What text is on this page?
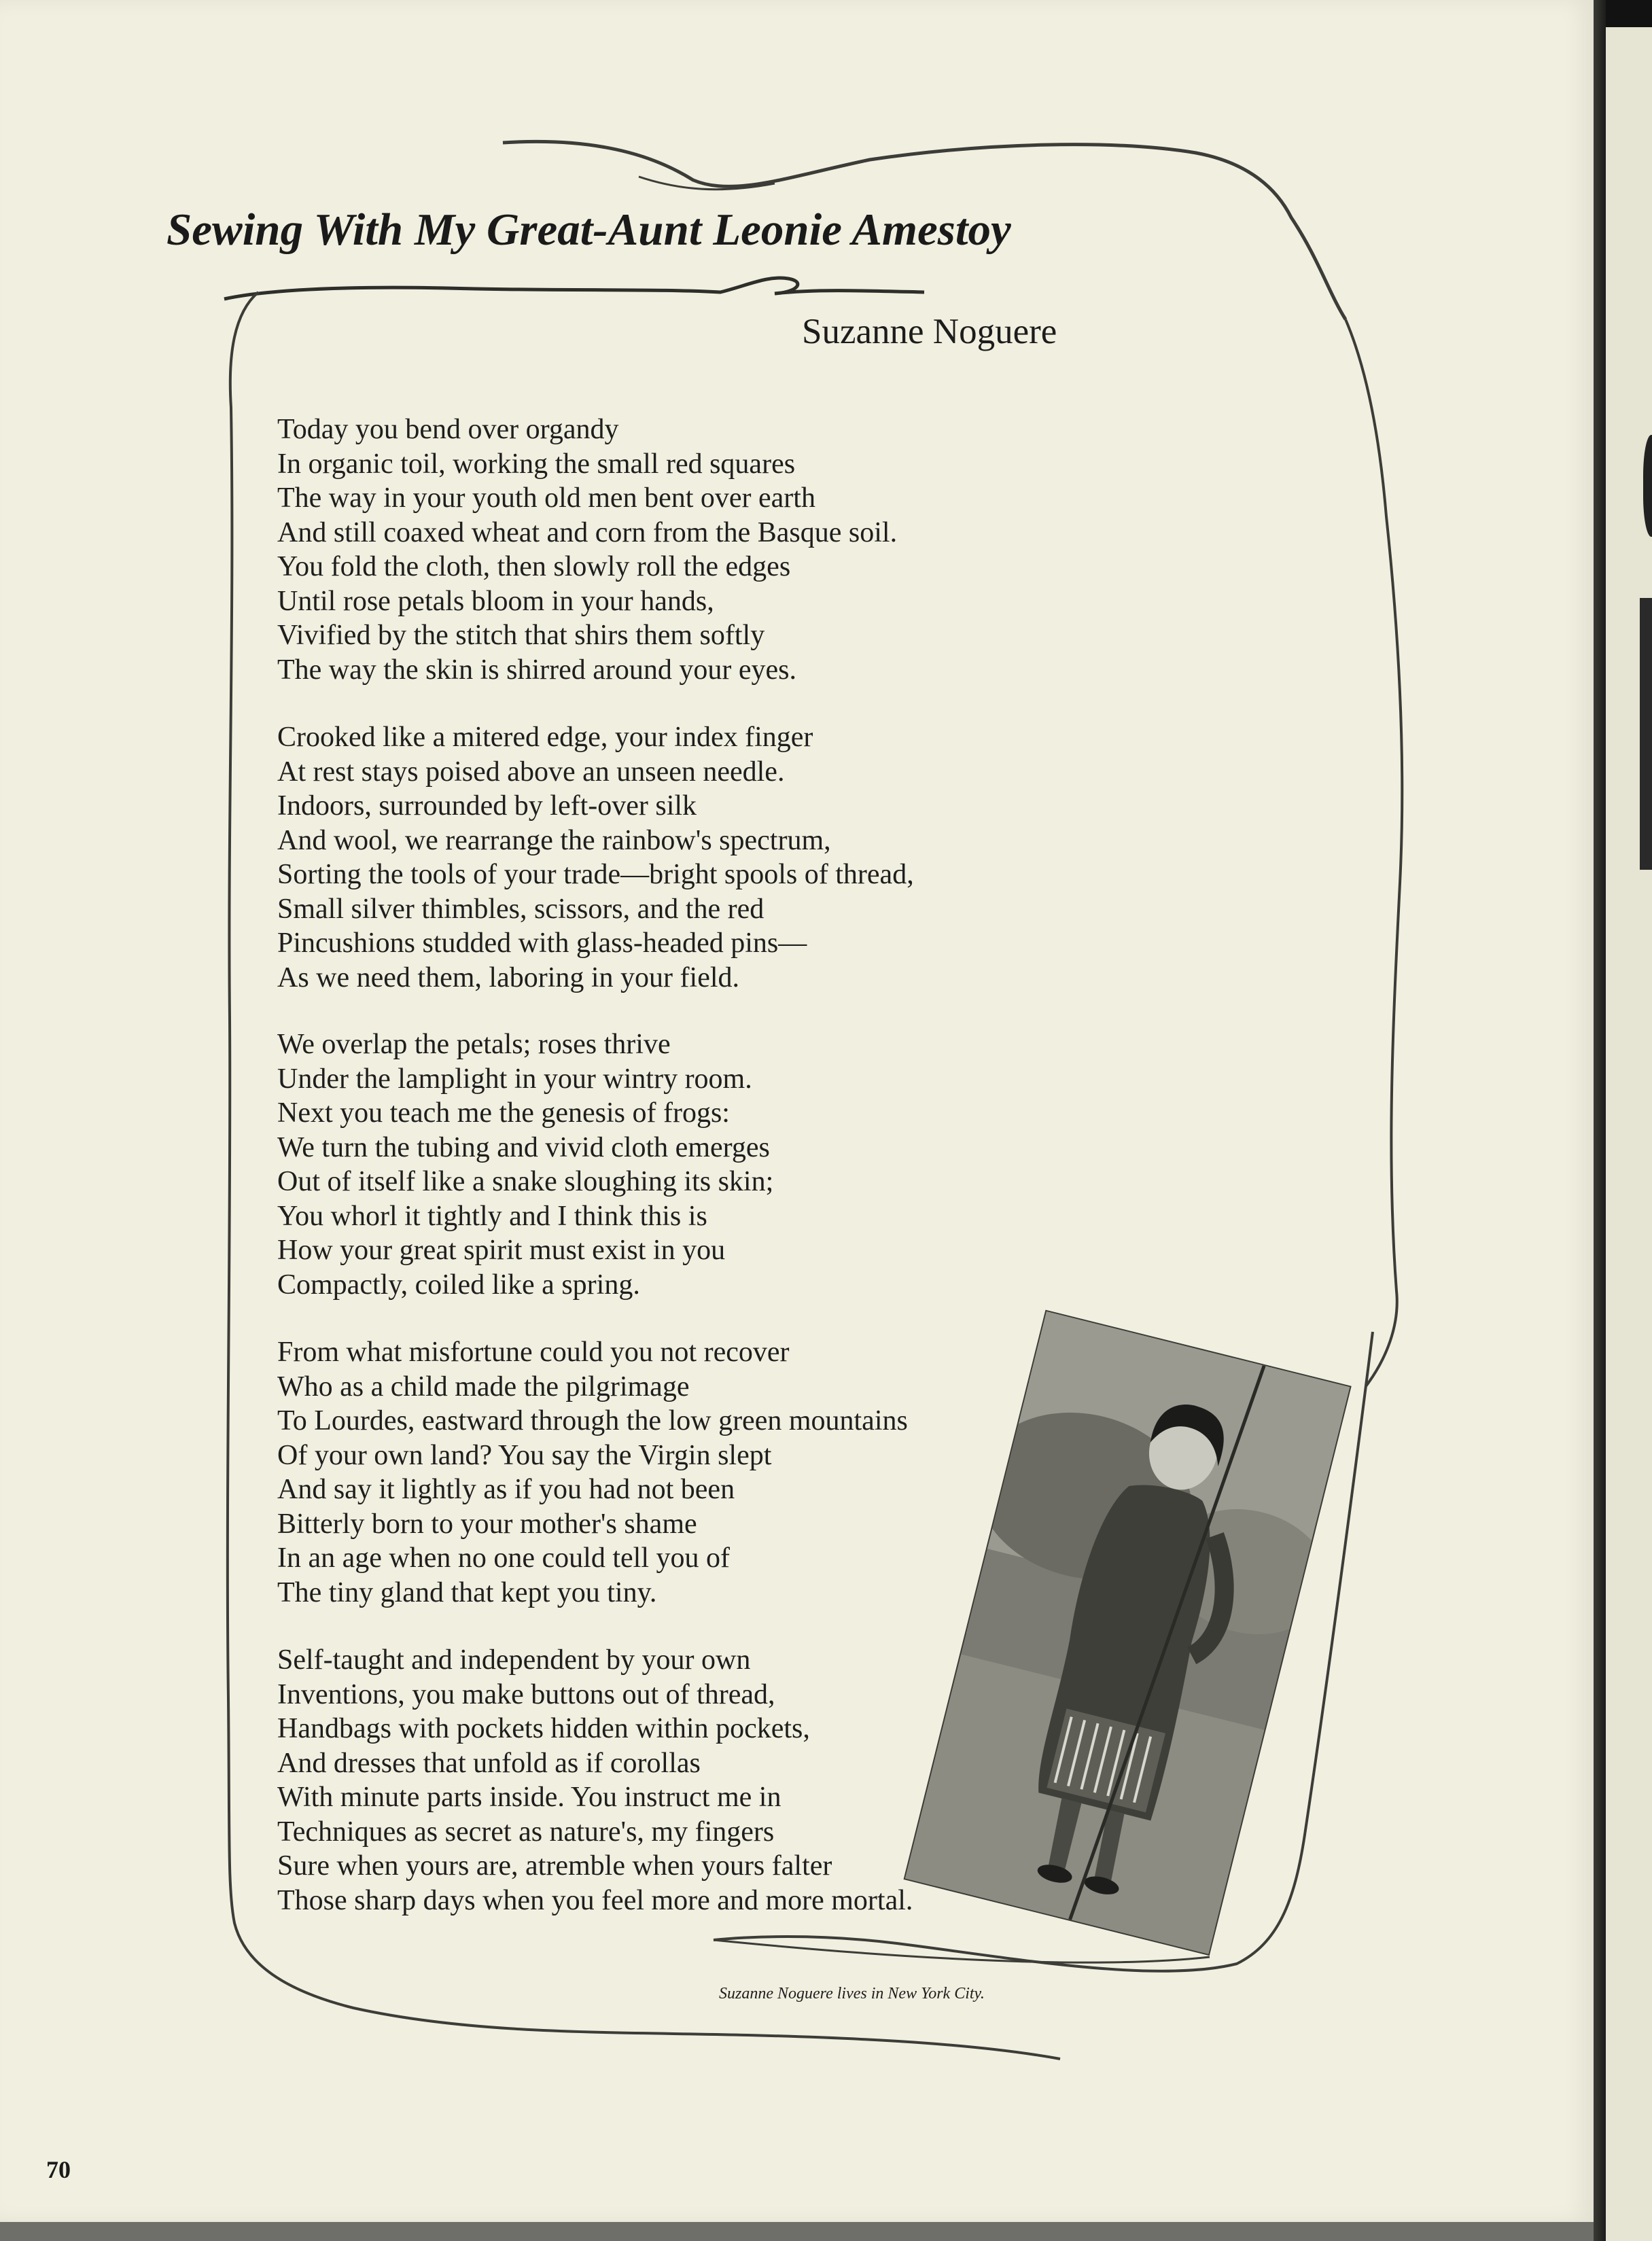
Sewing With My Great-Aunt Leonie Amestoy
Suzanne Noguere
Today you bend over organdy
In organic toil, working the small red squares
The way in your youth old men bent over earth
And still coaxed wheat and corn from the Basque soil.
You fold the cloth, then slowly roll the edges
Until rose petals bloom in your hands,
Vivified by the stitch that shirs them softly
The way the skin is shirred around your eyes.
Crooked like a mitered edge, your index finger
At rest stays poised above an unseen needle.
Indoors, surrounded by left-over silk
And wool, we rearrange the rainbow's spectrum,
Sorting the tools of your trade—bright spools of thread,
Small silver thimbles, scissors, and the red
Pincushions studded with glass-headed pins—
As we need them, laboring in your field.
We overlap the petals; roses thrive
Under the lamplight in your wintry room.
Next you teach me the genesis of frogs:
We turn the tubing and vivid cloth emerges
Out of itself like a snake sloughing its skin;
You whorl it tightly and I think this is
How your great spirit must exist in you
Compactly, coiled like a spring.
From what misfortune could you not recover
Who as a child made the pilgrimage
To Lourdes, eastward through the low green mountains
Of your own land? You say the Virgin slept
And say it lightly as if you had not been
Bitterly born to your mother's shame
In an age when no one could tell you of
The tiny gland that kept you tiny.
Self-taught and independent by your own
Inventions, you make buttons out of thread,
Handbags with pockets hidden within pockets,
And dresses that unfold as if corollas
With minute parts inside. You instruct me in
Techniques as secret as nature's, my fingers
Sure when yours are, atremble when yours falter
Those sharp days when you feel more and more mortal.
Suzanne Noguere lives in New York City.
70
